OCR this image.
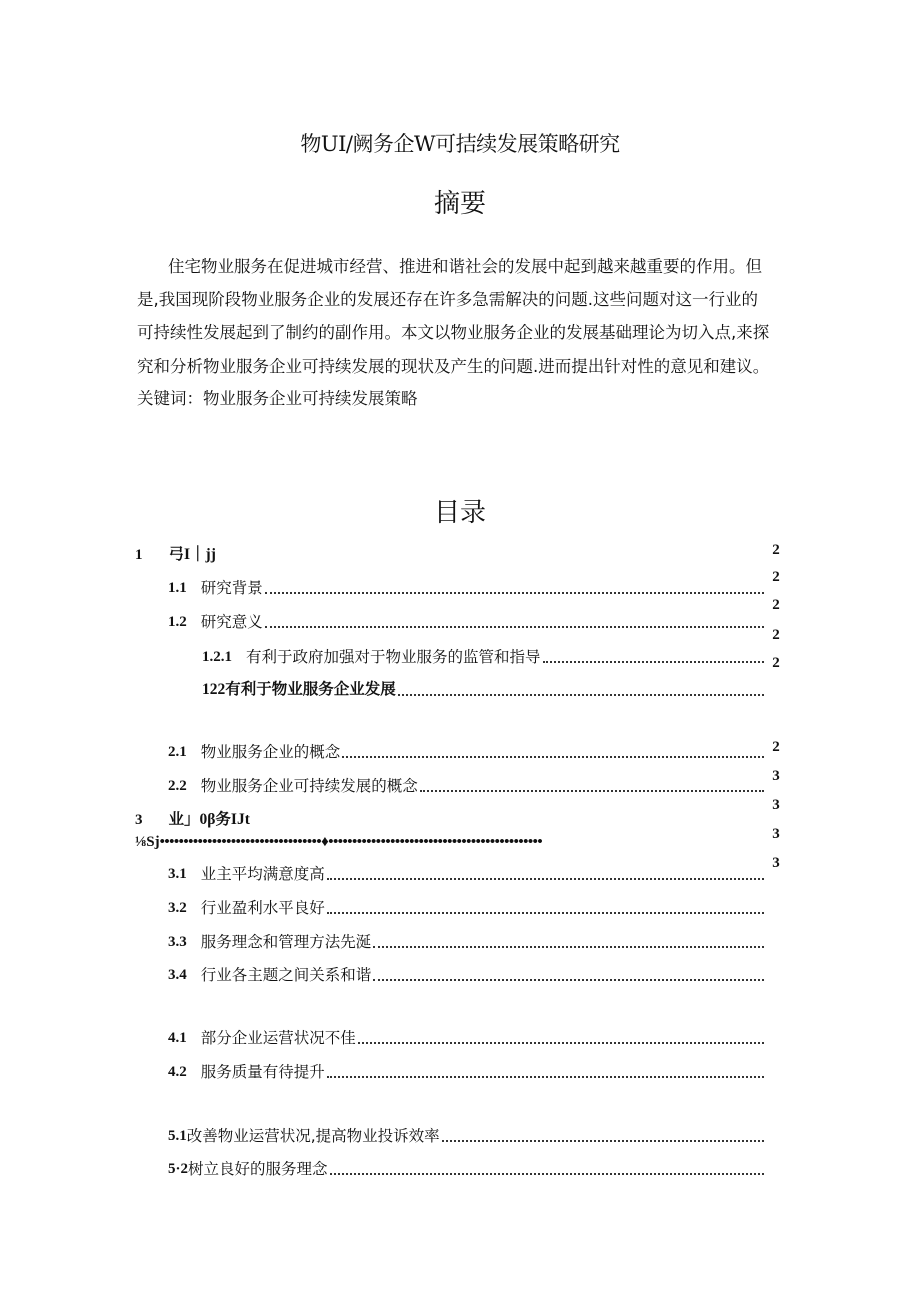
物UI/阙务企W可拮续发展策略研究
摘要
住宅物业服务在促进城市经营、推进和谐社会的发展中起到越来越重要的作用。但
是,我国现阶段物业服务企业的发展还存在许多急需解决的问题.这些问题对这一行业的
可持续性发展起到了制约的副作用。本文以物业服务企业的发展基础理论为切入点,来探
究和分析物业服务企业可持续发展的现状及产生的问题.进而提出针对性的意见和建议。
关键词：物业服务企业可持续发展策略
目录
1 弓I｜jj
1.1 研究背景
1.2 研究意义
1.2.1 有利于政府加强对于物业服务的监管和指导
122有利于物业服务企业发展
2.1 物业服务企业的概念
2.2 物业服务企业可持续发展的概念
3 业」0β务IJt
⅛Sj••••••••••••••••••••••••••••••••••♦•••••••••••••••••••••••••••••••••••••••••••••
3.1 业主平均满意度高
3.2 行业盈利水平良好
3.3 服务理念和管理方法先涎
3.4 行业各主题之间关系和谐
4.1 部分企业运营状况不佳
4.2 服务质量有待提升
5.1 改善物业运营状况,提高物业投诉效率
5·2 树立良好的服务理念
2
2
2
2
2
2
3
3
3
3
